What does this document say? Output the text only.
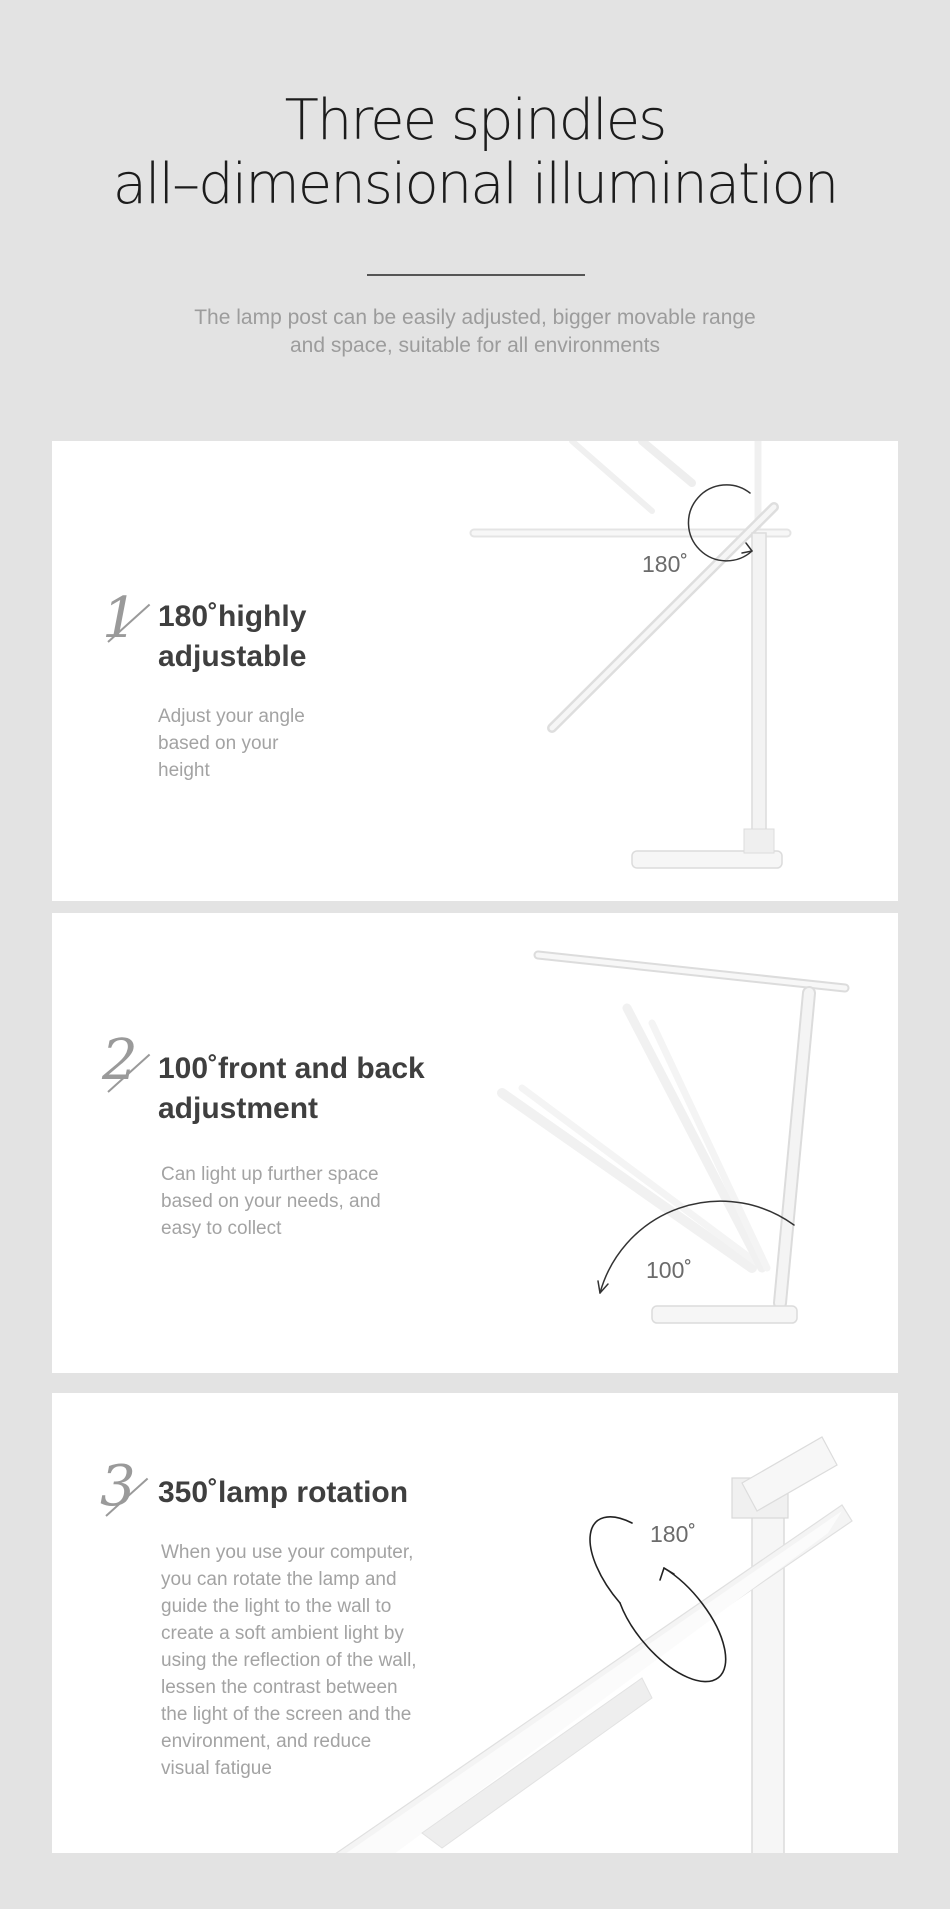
Three spindles
all–dimensional illumination
The lamp post can be easily adjusted, bigger movable range
and space, suitable for all environments
180˚
1 180˚highly
adjustable

Adjust your angle

based on your

height

100˚
2 100˚front and back
adjustment

Can light up further space

based on your needs, and

easy to collect

180˚
3 350˚lamp rotation

When you use your computer,

you can rotate the lamp and

guide the light to the wall to

create a soft ambient light by

using the reflection of the wall,

lessen the contrast between

the light of the screen and the

environment, and reduce

visual fatigue
